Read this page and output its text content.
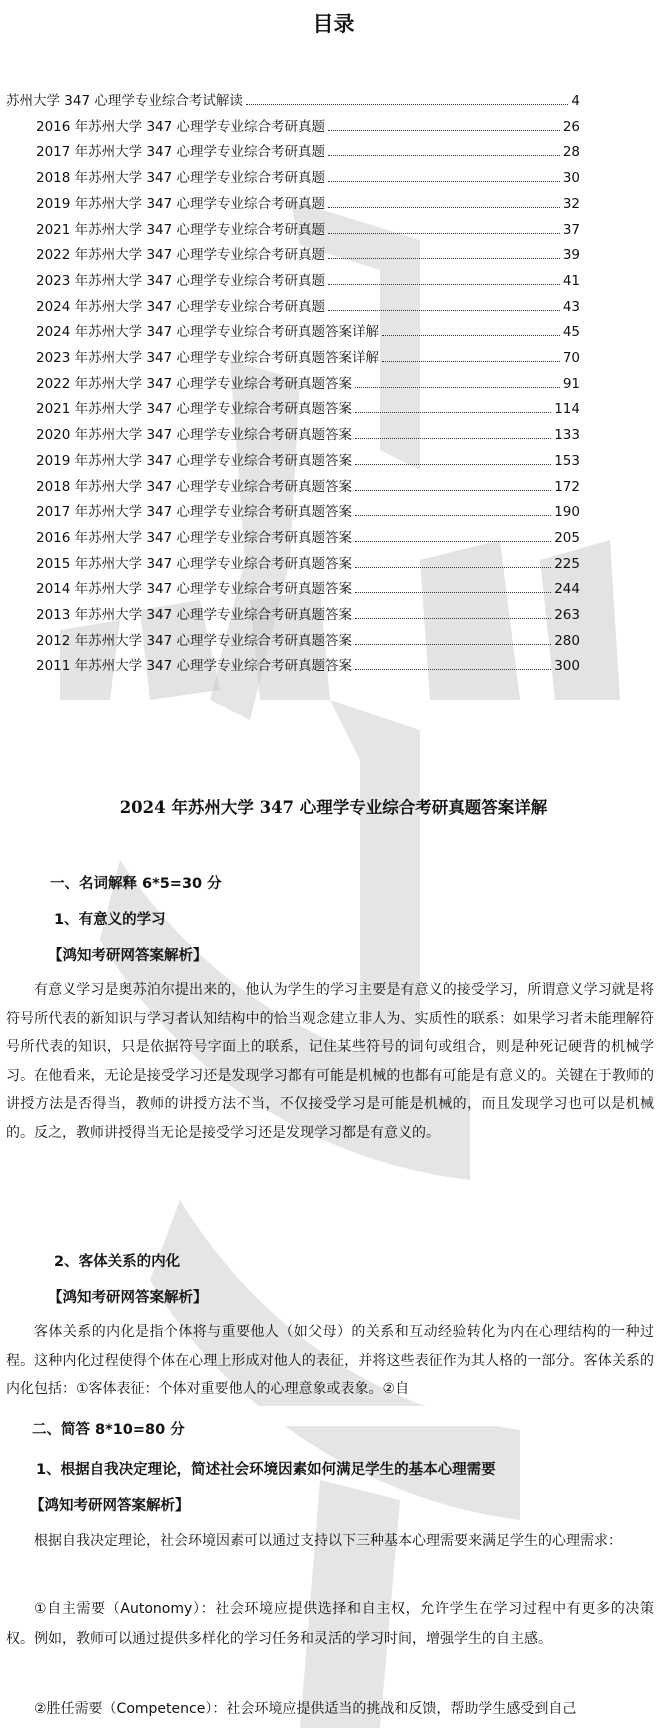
目录
苏州大学 347 心理学专业综合考试解读	4
2016 年苏州大学 347 心理学专业综合考研真题	26
2017 年苏州大学 347 心理学专业综合考研真题	28
2018 年苏州大学 347 心理学专业综合考研真题	30
2019 年苏州大学 347 心理学专业综合考研真题	32
2021 年苏州大学 347 心理学专业综合考研真题	37
2022 年苏州大学 347 心理学专业综合考研真题	39
2023 年苏州大学 347 心理学专业综合考研真题	41
2024 年苏州大学 347 心理学专业综合考研真题	43
2024 年苏州大学 347 心理学专业综合考研真题答案详解	45
2023 年苏州大学 347 心理学专业综合考研真题答案详解	70
2022 年苏州大学 347 心理学专业综合考研真题答案	91
2021 年苏州大学 347 心理学专业综合考研真题答案	114
2020 年苏州大学 347 心理学专业综合考研真题答案	133
2019 年苏州大学 347 心理学专业综合考研真题答案	153
2018 年苏州大学 347 心理学专业综合考研真题答案	172
2017 年苏州大学 347 心理学专业综合考研真题答案	190
2016 年苏州大学 347 心理学专业综合考研真题答案	205
2015 年苏州大学 347 心理学专业综合考研真题答案	225
2014 年苏州大学 347 心理学专业综合考研真题答案	244
2013 年苏州大学 347 心理学专业综合考研真题答案	263
2012 年苏州大学 347 心理学专业综合考研真题答案	280
2011 年苏州大学 347 心理学专业综合考研真题答案	300
2024 年苏州大学 347 心理学专业综合考研真题答案详解
一、名词解释 6*5=30 分
1、有意义的学习
【鸿知考研网答案解析】
有意义学习是奥苏泊尔提出来的，他认为学生的学习主要是有意义的接受学习，所谓意义学习就是将符号所代表的新知识与学习者认知结构中的恰当观念建立非人为、实质性的联系：如果学习者未能理解符号所代表的知识，只是依据符号字面上的联系，记住某些符号的词句或组合，则是种死记硬背的机械学习。在他看来，无论是接受学习还是发现学习都有可能是机械的也都有可能是有意义的。关键在于教师的讲授方法是否得当，教师的讲授方法不当，不仅接受学习是可能是机械的，而且发现学习也可以是机械的。反之，教师讲授得当无论是接受学习还是发现学习都是有意义的。
2、客体关系的内化
【鸿知考研网答案解析】
客体关系的内化是指个体将与重要他人（如父母）的关系和互动经验转化为内在心理结构的一种过程。这种内化过程使得个体在心理上形成对他人的表征，并将这些表征作为其人格的一部分。客体关系的内化包括：①客体表征：个体对重要他人的心理意象或表象。②自
二、简答 8*10=80 分
1、根据自我决定理论，简述社会环境因素如何满足学生的基本心理需要
【鸿知考研网答案解析】
根据自我决定理论，社会环境因素可以通过支持以下三种基本心理需要来满足学生的心理需求：
①自主需要（Autonomy）：社会环境应提供选择和自主权，允许学生在学习过程中有更多的决策权。例如，教师可以通过提供多样化的学习任务和灵活的学习时间，增强学生的自主感。
②胜任需要（Competence）：社会环境应提供适当的挑战和反馈，帮助学生感受到自己
